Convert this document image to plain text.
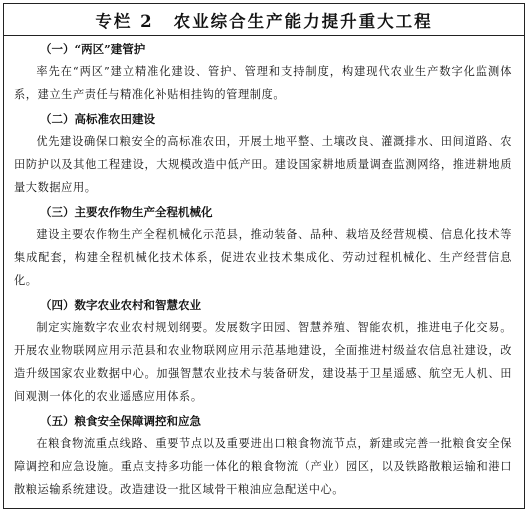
专栏 2 农业综合生产能力提升重大工程
（一）“两区”建管护

率先在“两区”建立精准化建设、管护、管理和支持制度，构建现代农业生产数字化监测体系，建立生产责任与精准化补贴相挂钩的管理制度。

（二）高标准农田建设

优先建设确保口粮安全的高标准农田，开展土地平整、土壤改良、灌溉排水、田间道路、农田防护以及其他工程建设，大规模改造中低产田。建设国家耕地质量调查监测网络，推进耕地质量大数据应用。

（三）主要农作物生产全程机械化

建设主要农作物生产全程机械化示范县，推动装备、品种、栽培及经营规模、信息化技术等集成配套，构建全程机械化技术体系，促进农业技术集成化、劳动过程机械化、生产经营信息化。

（四）数字农业农村和智慧农业

制定实施数字农业农村规划纲要。发展数字田园、智慧养殖、智能农机，推进电子化交易。开展农业物联网应用示范县和农业物联网应用示范基地建设，全面推进村级益农信息社建设，改造升级国家农业数据中心。加强智慧农业技术与装备研发，建设基于卫星遥感、航空无人机、田间观测一体化的农业遥感应用体系。

（五）粮食安全保障调控和应急

在粮食物流重点线路、重要节点以及重要进出口粮食物流节点，新建或完善一批粮食安全保障调控和应急设施。重点支持多功能一体化的粮食物流（产业）园区，以及铁路散粮运输和港口散粮运输系统建设。改造建设一批区域骨干粮油应急配送中心。
